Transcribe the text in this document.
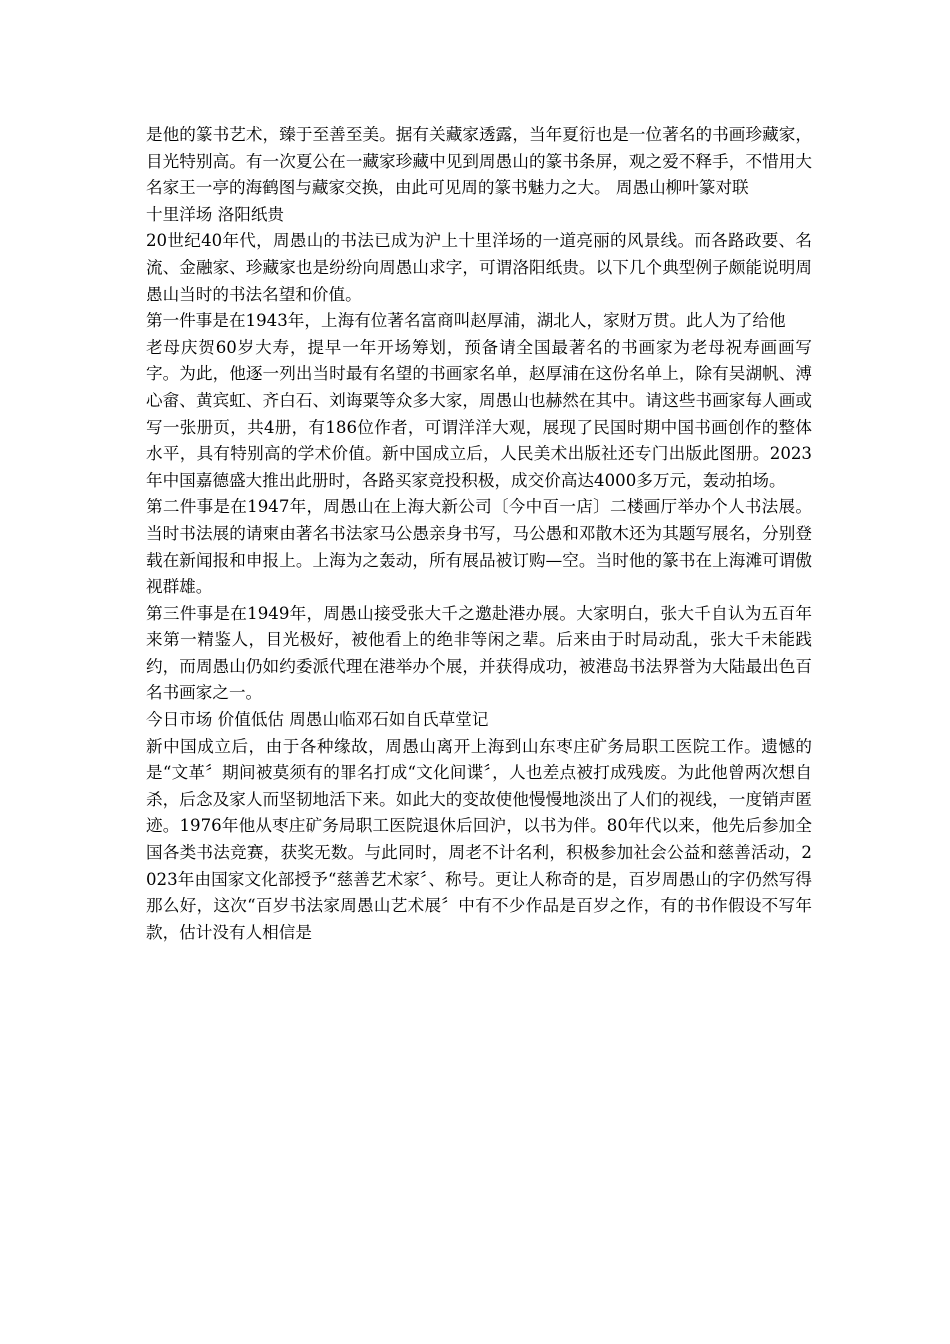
是他的篆书艺术，臻于至善至美。据有关藏家透露，当年夏衍也是一位著名的书画珍藏家，目光特别高。有一次夏公在一藏家珍藏中见到周愚山的篆书条屏，观之爱不释手，不惜用大名家王一亭的海鹤图与藏家交换，由此可见周的篆书魅力之大。 周愚山柳叶篆对联

十里洋场 洛阳纸贵

20世纪40年代，周愚山的书法已成为沪上十里洋场的一道亮丽的风景线。而各路政要、名流、金融家、珍藏家也是纷纷向周愚山求字，可谓洛阳纸贵。以下几个典型例子颇能说明周愚山当时的书法名望和价值。

第一件事是在1943年，上海有位著名富商叫赵厚浦，湖北人，家财万贯。此人为了给他

老母庆贺60岁大寿，提早一年开场筹划，预备请全国最著名的书画家为老母祝寿画画写字。为此，他逐一列出当时最有名望的书画家名单，赵厚浦在这份名单上，除有吴湖帆、溥心畲、黄宾虹、齐白石、刘诲粟等众多大家，周愚山也赫然在其中。请这些书画家每人画或写一张册页，共4册，有186位作者，可谓洋洋大观，展现了民国时期中国书画创作的整体水平，具有特别高的学术价值。新中国成立后，人民美术出版社还专门出版此图册。2023年中国嘉德盛大推出此册时，各路买家竞投积极，成交价高达4000多万元，轰动拍场。

第二件事是在1947年，周愚山在上海大新公司〔今中百一店〕二楼画厅举办个人书法展。当时书法展的请柬由著名书法家马公愚亲身书写，马公愚和邓散木还为其题写展名，分别登载在新闻报和申报上。上海为之轰动，所有展品被订购—空。当时他的篆书在上海滩可谓傲视群雄。

第三件事是在1949年，周愚山接受张大千之邀赴港办展。大家明白，张大千自认为五百年来第一精鉴人，目光极好，被他看上的绝非等闲之辈。后来由于时局动乱，张大千未能践约，而周愚山仍如约委派代理在港举办个展，并获得成功，被港岛书法界誉为大陆最出色百名书画家之一。

今日市场 价值低估 周愚山临邓石如自氏草堂记

新中国成立后，由于各种缘故，周愚山离开上海到山东枣庄矿务局职工医院工作。遗憾的是“文革〞期间被莫须有的罪名打成“文化间谍〞，人也差点被打成残废。为此他曾两次想自杀，后念及家人而坚韧地活下来。如此大的变故使他慢慢地淡出了人们的视线，一度销声匿迹。1976年他从枣庄矿务局职工医院退休后回沪，以书为伴。80年代以来，他先后参加全国各类书法竞赛，获奖无数。与此同时，周老不计名利，积极参加社会公益和慈善活动，2023年由国家文化部授予“慈善艺术家〞、称号。更让人称奇的是，百岁周愚山的字仍然写得那么好，这次“百岁书法家周愚山艺术展〞中有不少作品是百岁之作，有的书作假设不写年款，估计没有人相信是
